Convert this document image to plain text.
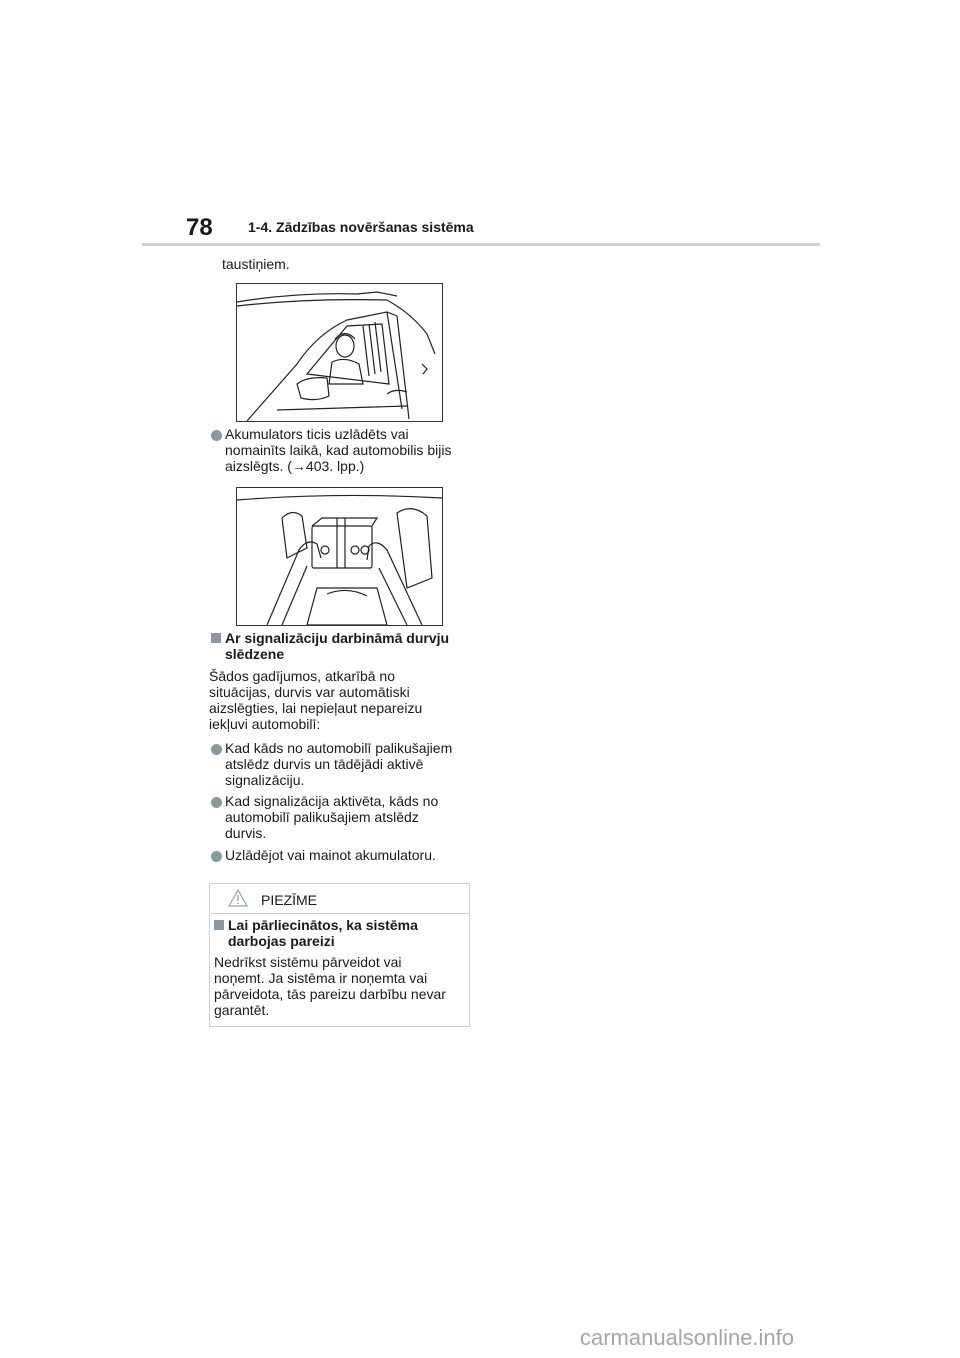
78	1-4. Zādzības novēršanas sistēma
taustiņiem.
Akumulators ticis uzlādēts vai
nomainīts laikā, kad automobilis bijis
aizslēgts. (→403. lpp.)
Ar signalizāciju darbināmā durvju
slēdzene
Šādos gadījumos, atkarībā no
situācijas, durvis var automātiski
aizslēgties, lai nepieļaut nepareizu
iekļuvi automobilī:
Kad kāds no automobilī palikušajiem
atslēdz durvis un tādējādi aktivē
signalizāciju.
Kad signalizācija aktivēta, kāds no
automobilī palikušajiem atslēdz
durvis.
Uzlādējot vai mainot akumulatoru.
PIEZĪME
Lai pārliecinātos, ka sistēma
darbojas pareizi
Nedrīkst sistēmu pārveidot vai
noņemt. Ja sistēma ir noņemta vai
pārveidota, tās pareizu darbību nevar
garantēt.
carmanualsonline.info
